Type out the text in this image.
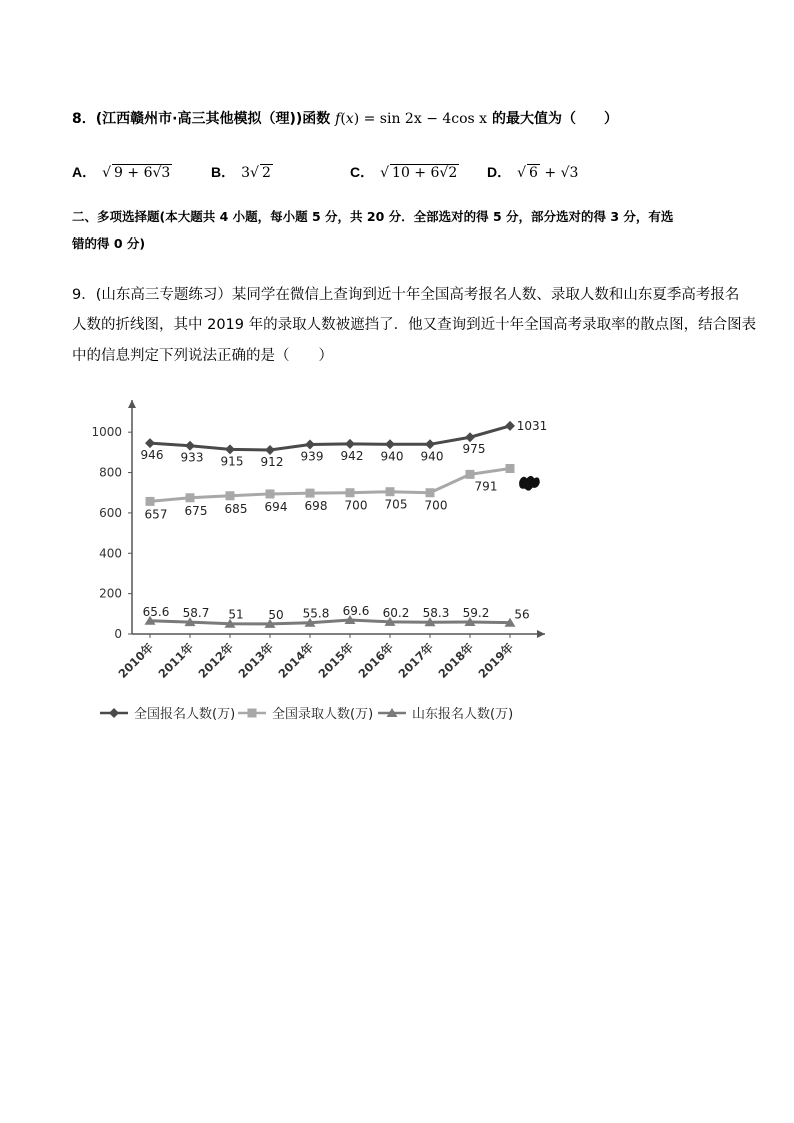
8．(江西赣州市·高三其他模拟（理))函数 f(x) = sin 2x − 4cos x 的最大值为（　　）
A． √ 9 + 6√3	B． 3√ 2	C． √ 10 + 6√2 D． √ 6 + √3
二、多项选择题(本大题共 4 小题，每小题 5 分，共 20 分．全部选对的得 5 分，部分选对的得 3 分，有选
错的得 0 分)
9．(山东高三专题练习）某同学在微信上查询到近十年全国高考报名人数、录取人数和山东夏季高考报名
人数的折线图，其中 2019 年的录取人数被遮挡了．他又查询到近十年全国高考录取率的散点图，结合图表
中的信息判定下列说法正确的是（　　）
0
200
400
600
800
1000
2010年 2011年 2012年 2013年 2014年 2015年 2016年 2017年 2018年 2019年
946 933 915 912 939 942 940 940
975
1031
657 675 685 694 698 700 705 700
791
65.6 58.7 51 50 55.8 69.6 60.2 58.3 59.2 56
全国报名人数(万)	全国录取人数(万)	山东报名人数(万)
